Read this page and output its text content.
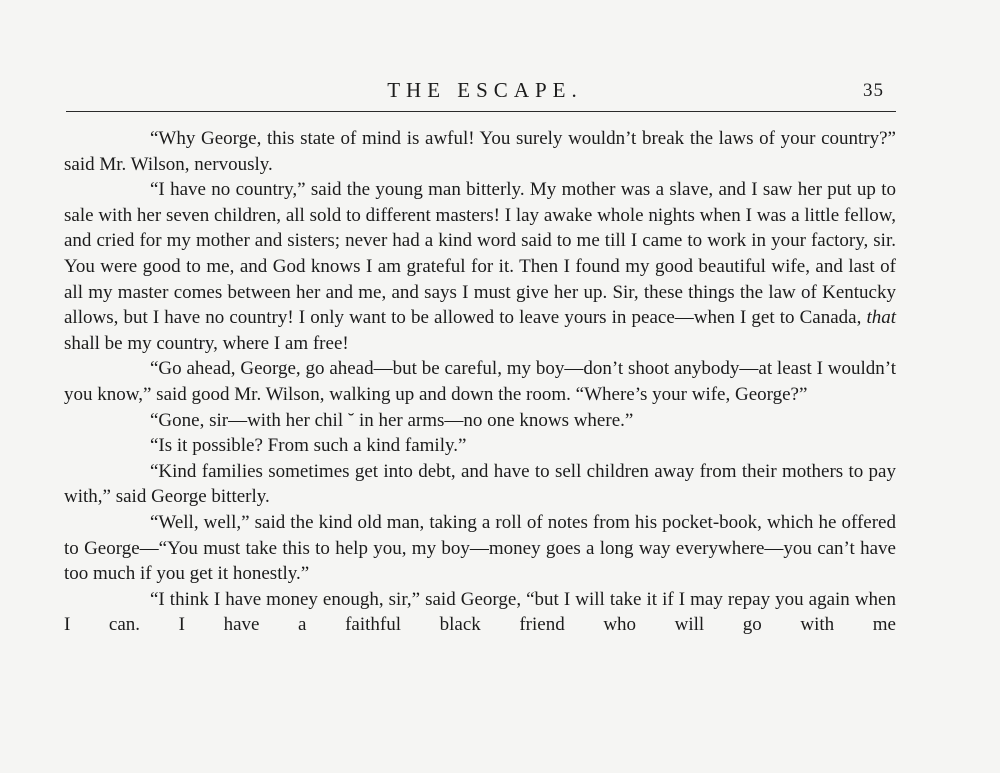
THE ESCAPE.	35

“Why George, this state of mind is awful! You surely wouldn’t break the laws of your country?” said Mr. Wilson, nervously.

“I have no country,” said the young man bitterly. My mother was a slave, and I saw her put up to sale with her seven children, all sold to different masters! I lay awake whole nights when I was a little fellow, and cried for my mother and sisters; never had a kind word said to me till I came to work in your factory, sir. You were good to me, and God knows I am grateful for it. Then I found my good beautiful wife, and last of all my master comes between her and me, and says I must give her up. Sir, these things the law of Kentucky allows, but I have no country! I only want to be allowed to leave yours in peace—when I get to Canada, that shall be my country, where I am free!

“Go ahead, George, go ahead—but be careful, my boy—don’t shoot anybody—at least I wouldn’t you know,” said good Mr. Wilson, walking up and down the room. “Where’s your wife, George?”

“Gone, sir—with her chil ˘ in her arms—no one knows where.”

“Is it possible? From such a kind family.”

“Kind families sometimes get into debt, and have to sell children away from their mothers to pay with,” said George bitterly.

“Well, well,” said the kind old man, taking a roll of notes from his pocket-book, which he offered to George—“You must take this to help you, my boy—money goes a long way everywhere—you can’t have too much if you get it honestly.”

“I think I have money enough, sir,” said George, “but I will take it if I may repay you again when I can. I have a faithful black friend who will go with me
